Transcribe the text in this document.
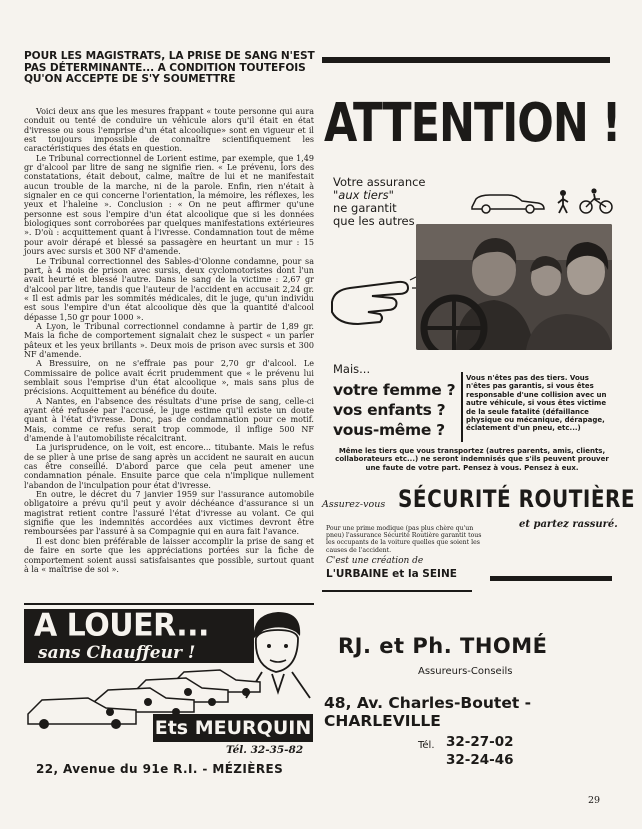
POUR LES MAGISTRATS, LA PRISE DE SANG N'EST PAS DÉTERMINANTE... A CONDITION TOUTEFOIS QU'ON ACCEPTE DE S'Y SOUMETTRE

Voici deux ans que les mesures frappant « toute personne qui aura conduit ou tenté de conduire un véhicule alors qu'il était en état d'ivresse ou sous l'emprise d'un état alcoolique» sont en vigueur et il est toujours impossible de connaître scientifiquement les caractéristiques des états en question.

Le Tribunal correctionnel de Lorient estime, par exemple, que 1,49 gr d'alcool par litre de sang ne signifie rien. « Le prévenu, lors des constatations, était debout, calme, maître de lui et ne manifestait aucun trouble de la marche, ni de la parole. Enfin, rien n'était à signaler en ce qui concerne l'orientation, la mémoire, les réflexes, les yeux et l'haleine ». Conclusion : « On ne peut affirmer qu'une personne est sous l'empire d'un état alcoolique que si les données biologiques sont corroborées par quelques manifestations extérieures ». D'où : acquittement quant à l'ivresse. Condamnation tout de même pour avoir dérapé et blessé sa passagère en heurtant un mur : 15 jours avec sursis et 300 NF d'amende.

Le Tribunal correctionnel des Sables-d'Olonne condamne, pour sa part, à 4 mois de prison avec sursis, deux cyclomotoristes dont l'un avait heurté et blessé l'autre. Dans le sang de la victime : 2,67 gr d'alcool par litre, tandis que l'auteur de l'accident en accusait 2,24 gr. « Il est admis par les sommités médicales, dit le juge, qu'un individu est sous l'empire d'un état alcoolique dès que la quantité d'alcool dépasse 1,50 gr pour 1000 ».

A Lyon, le Tribunal correctionnel condamne à partir de 1,89 gr. Mais la fiche de comportement signalait chez le suspect « un parler pâteux et les yeux brillants ». Deux mois de prison avec sursis et 300 NF d'amende.

A Bressuire, on ne s'effraie pas pour 2,70 gr d'alcool. Le Commissaire de police avait écrit prudemment que « le prévenu lui semblait sous l'emprise d'un état alcoolique », mais sans plus de précisions. Acquittement au bénéfice du doute.

A Nantes, en l'absence des résultats d'une prise de sang, celle-ci ayant été refusée par l'accusé, le juge estime qu'il existe un doute quant à l'état d'ivresse. Donc, pas de condamnation pour ce motif. Mais, comme ce refus serait trop commode, il inflige 500 NF d'amende à l'automobiliste récalcitrant.

La jurisprudence, on le voit, est encore... titubante. Mais le refus de se plier à une prise de sang après un accident ne saurait en aucun cas être conseillé. D'abord parce que cela peut amener une condamnation pénale. Ensuite parce que cela n'implique nullement l'abandon de l'inculpation pour état d'ivresse.

En outre, le décret du 7 janvier 1959 sur l'assurance automobile obligatoire a prévu qu'il peut y avoir déchéance d'assurance si un magistrat retient contre l'assuré l'état d'ivresse au volant. Ce qui signifie que les indemnités accordées aux victimes devront être remboursées par l'assuré à sa Compagnie qui en aura fait l'avance.

Il est donc bien préférable de laisser accomplir la prise de sang et de faire en sorte que les appréciations portées sur la fiche de comportement soient aussi satisfaisantes que possible, surtout quant à la « maîtrise de soi ».

ATTENTION !
Votre assurance
"aux tiers"
ne garantit
que les autres
Mais...
votre femme ?
vos enfants ?
vous-même ?
Vous n'êtes pas des tiers. Vous n'êtes pas garantis, si vous êtes responsable d'une collision avec un autre véhicule, si vous êtes victime de la seule fatalité (défaillance physique ou mécanique, dérapage, éclatement d'un pneu, etc...)
Même les tiers que vous transportez (autres parents, amis, clients, collaborateurs etc...) ne seront indemnisés que s'ils peuvent prouver une faute de votre part. Pensez à vous. Pensez à eux.
Assurez-vous SÉCURITÉ ROUTIÈRE
et partez rassuré.
Pour une prime modique (pas plus chère qu'un pneu) l'assurance Sécurité Routière garantit tous les occupants de la voiture quelles que soient les causes de l'accident.
C'est une création de
L'URBAINE et la SEINE
A LOUER...
sans Chauffeur !
Ets MEURQUIN
Tél. 32-35-82
22, Avenue du 91e R.I. - MÉZIÈRES
RJ. et Ph. THOMÉ
Assureurs-Conseils
48, Av. Charles-Boutet - CHARLEVILLE
Tél. 32-27-02
32-24-46
29
